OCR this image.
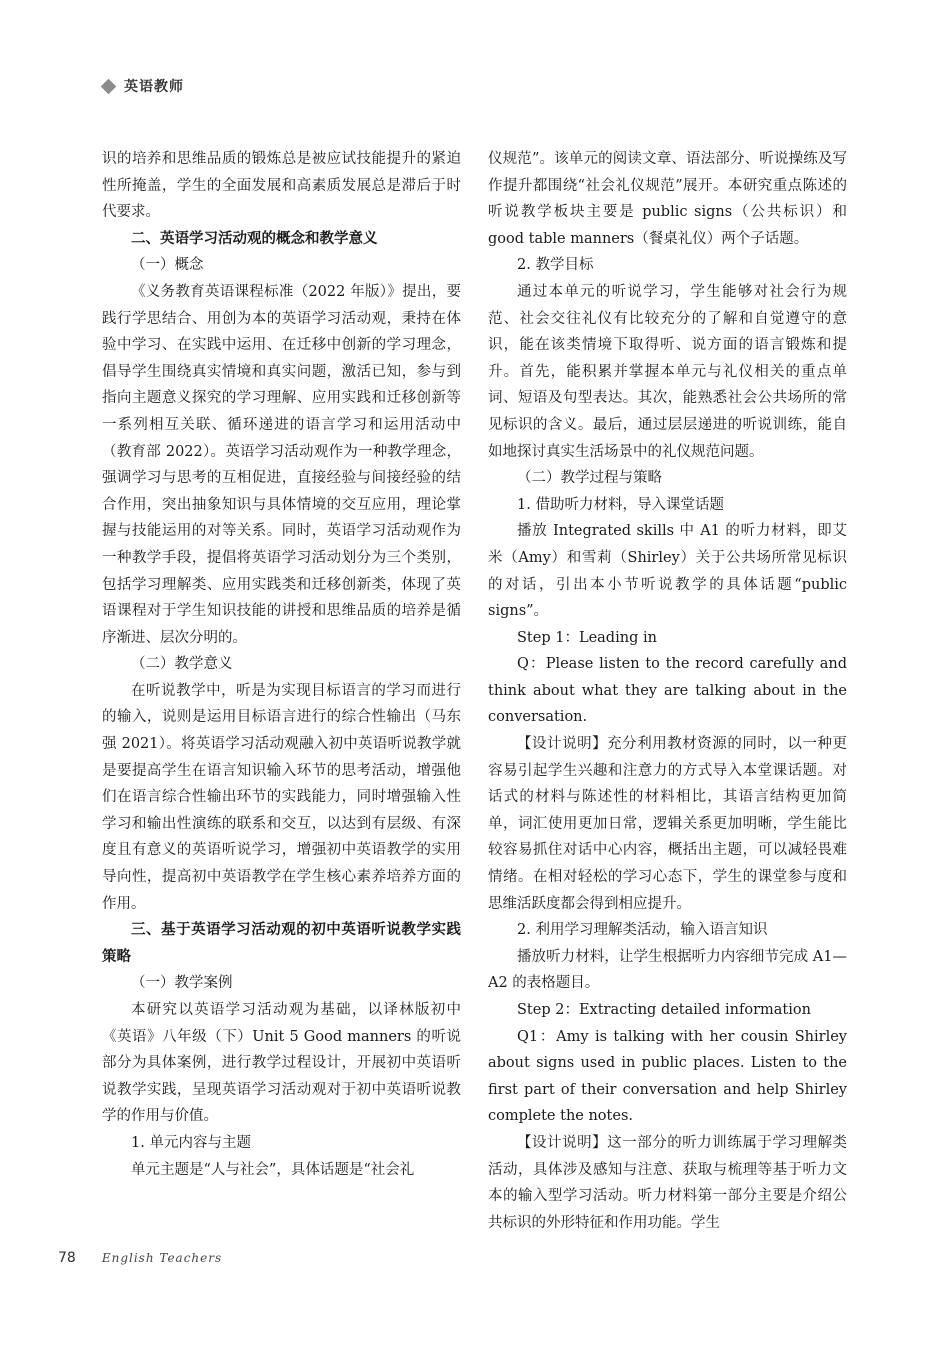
英语教师

识的培养和思维品质的锻炼总是被应试技能提升的紧迫性所掩盖，学生的全面发展和高素质发展总是滞后于时代要求。

二、英语学习活动观的概念和教学意义
（一）概念

《义务教育英语课程标准（2022 年版）》提出，要践行学思结合、用创为本的英语学习活动观，秉持在体验中学习、在实践中运用、在迁移中创新的学习理念，倡导学生围绕真实情境和真实问题，激活已知，参与到指向主题意义探究的学习理解、应用实践和迁移创新等一系列相互关联、循环递进的语言学习和运用活动中（教育部 2022）。英语学习活动观作为一种教学理念，强调学习与思考的互相促进，直接经验与间接经验的结合作用，突出抽象知识与具体情境的交互应用，理论掌握与技能运用的对等关系。同时，英语学习活动观作为一种教学手段，提倡将英语学习活动划分为三个类别，包括学习理解类、应用实践类和迁移创新类，体现了英语课程对于学生知识技能的讲授和思维品质的培养是循序渐进、层次分明的。

（二）教学意义

在听说教学中，听是为实现目标语言的学习而进行的输入，说则是运用目标语言进行的综合性输出（马东强 2021）。将英语学习活动观融入初中英语听说教学就是要提高学生在语言知识输入环节的思考活动，增强他们在语言综合性输出环节的实践能力，同时增强输入性学习和输出性演练的联系和交互，以达到有层级、有深度且有意义的英语听说学习，增强初中英语教学的实用导向性，提高初中英语教学在学生核心素养培养方面的作用。

三、基于英语学习活动观的初中英语听说教学实践策略
（一）教学案例

本研究以英语学习活动观为基础，以译林版初中《英语》八年级（下）Unit 5 Good manners 的听说部分为具体案例，进行教学过程设计，开展初中英语听说教学实践，呈现英语学习活动观对于初中英语听说教学的作用与价值。

1. 单元内容与主题

单元主题是“人与社会”，具体话题是“社会礼

仪规范”。该单元的阅读文章、语法部分、听说操练及写作提升都围绕“社会礼仪规范”展开。本研究重点陈述的听说教学板块主要是 public signs（公共标识）和 good table manners（餐桌礼仪）两个子话题。

2. 教学目标

通过本单元的听说学习，学生能够对社会行为规范、社会交往礼仪有比较充分的了解和自觉遵守的意识，能在该类情境下取得听、说方面的语言锻炼和提升。首先，能积累并掌握本单元与礼仪相关的重点单词、短语及句型表达。其次，能熟悉社会公共场所的常见标识的含义。最后，通过层层递进的听说训练，能自如地探讨真实生活场景中的礼仪规范问题。

（二）教学过程与策略

1. 借助听力材料，导入课堂话题

播放 Integrated skills 中 A1 的听力材料，即艾米（Amy）和雪莉（Shirley）关于公共场所常见标识的对话，引出本小节听说教学的具体话题“public signs”。

Step 1：Leading in

Q：Please listen to the record carefully and think about what they are talking about in the conversation.

【设计说明】充分利用教材资源的同时，以一种更容易引起学生兴趣和注意力的方式导入本堂课话题。对话式的材料与陈述性的材料相比，其语言结构更加简单，词汇使用更加日常，逻辑关系更加明晰，学生能比较容易抓住对话中心内容，概括出主题，可以减轻畏难情绪。在相对轻松的学习心态下，学生的课堂参与度和思维活跃度都会得到相应提升。

2. 利用学习理解类活动，输入语言知识

播放听力材料，让学生根据听力内容细节完成 A1—A2 的表格题目。

Step 2：Extracting detailed information

Q1：Amy is talking with her cousin Shirley about signs used in public places. Listen to the first part of their conversation and help Shirley complete the notes.

【设计说明】这一部分的听力训练属于学习理解类活动，具体涉及感知与注意、获取与梳理等基于听力文本的输入型学习活动。听力材料第一部分主要是介绍公共标识的外形特征和作用功能。学生

78 English Teachers
